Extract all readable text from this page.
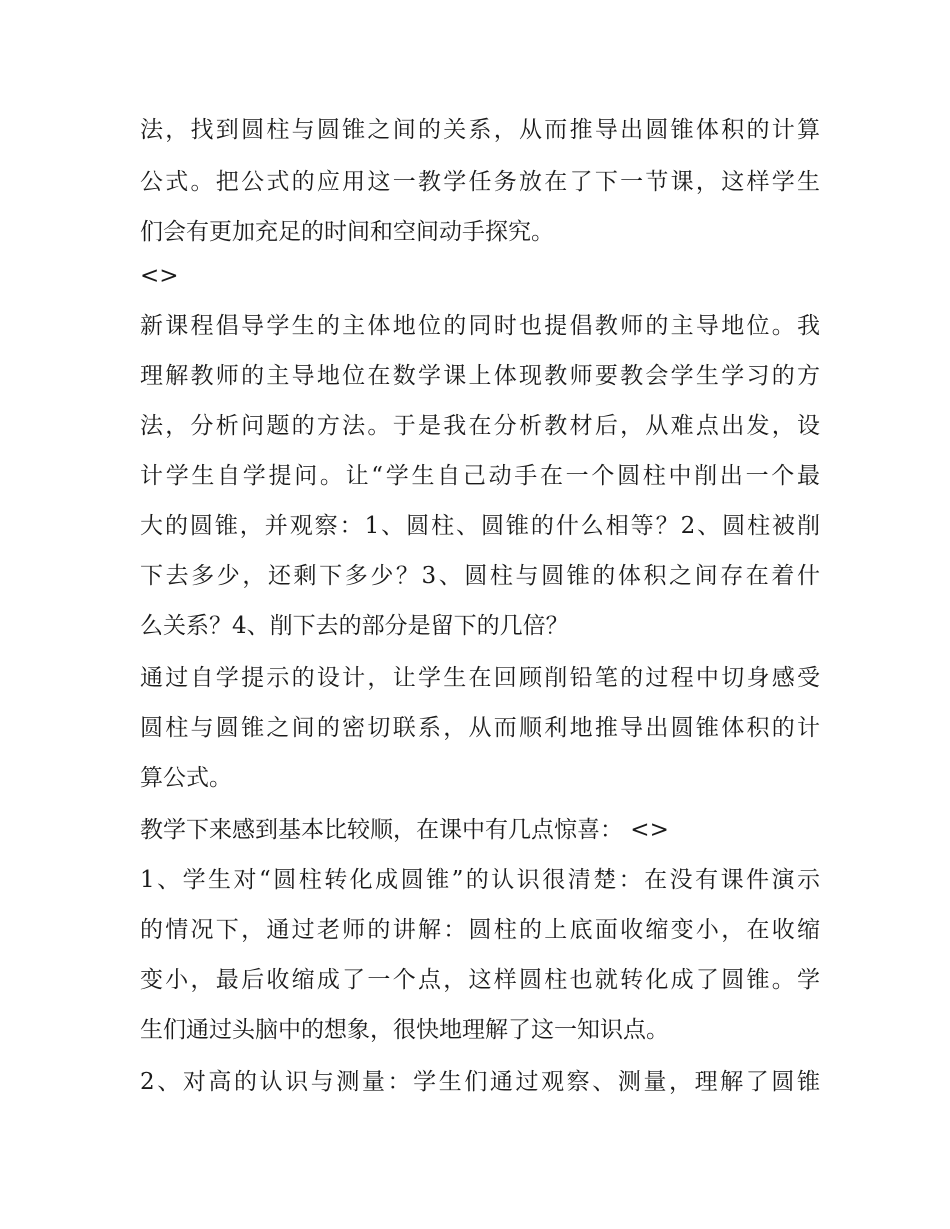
法，找到圆柱与圆锥之间的关系，从而推导出圆锥体积的计算
公式。把公式的应用这一教学任务放在了下一节课，这样学生
们会有更加充足的时间和空间动手探究。
<>
新课程倡导学生的主体地位的同时也提倡教师的主导地位。我
理解教师的主导地位在数学课上体现教师要教会学生学习的方
法，分析问题的方法。于是我在分析教材后，从难点出发，设
计学生自学提问。让“学生自己动手在一个圆柱中削出一个最
大的圆锥，并观察：1、圆柱、圆锥的什么相等？2、圆柱被削
下去多少，还剩下多少？3、圆柱与圆锥的体积之间存在着什
么关系？4、削下去的部分是留下的几倍？
通过自学提示的设计，让学生在回顾削铅笔的过程中切身感受
圆柱与圆锥之间的密切联系，从而顺利地推导出圆锥体积的计
算公式。
教学下来感到基本比较顺，在课中有几点惊喜： <>
1、学生对“圆柱转化成圆锥”的认识很清楚：在没有课件演示
的情况下，通过老师的讲解：圆柱的上底面收缩变小，在收缩
变小，最后收缩成了一个点，这样圆柱也就转化成了圆锥。学
生们通过头脑中的想象，很快地理解了这一知识点。
2、对高的认识与测量：学生们通过观察、测量，理解了圆锥
